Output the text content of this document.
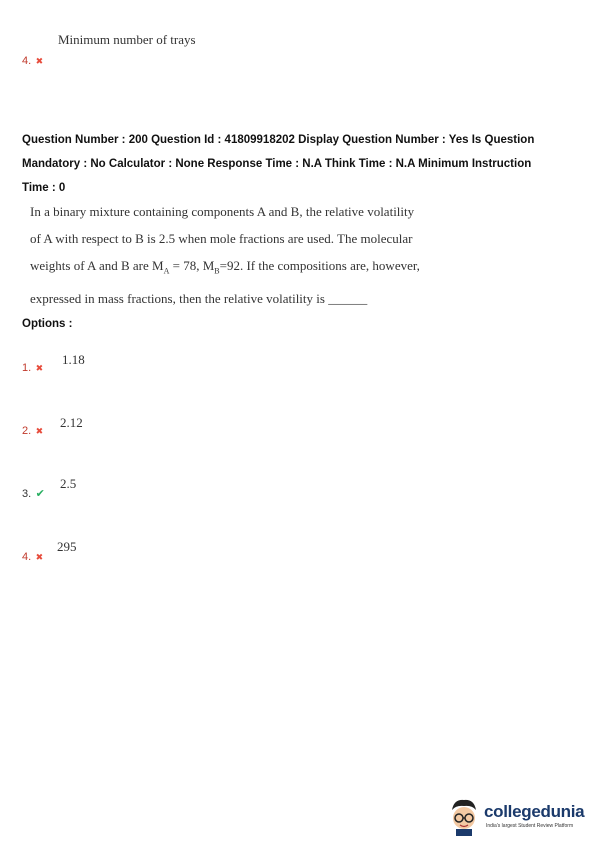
Minimum number of trays
4. ✖
Question Number : 200 Question Id : 41809918202 Display Question Number : Yes Is Question
Mandatory : No Calculator : None Response Time : N.A Think Time : N.A Minimum Instruction
Time : 0
In a binary mixture containing components A and B, the relative volatility
of A with respect to B is 2.5 when mole fractions are used. The molecular
weights of A and B are $M_A = 78$, $M_B=92$. If the compositions are, however,
expressed in mass fractions, then the relative volatility is ______
Options :
1. ✖
1.18
2. ✖
2.12
3. ✔
2.5
4. ✖
295
collegedunia
India's largest Student Review Platform
